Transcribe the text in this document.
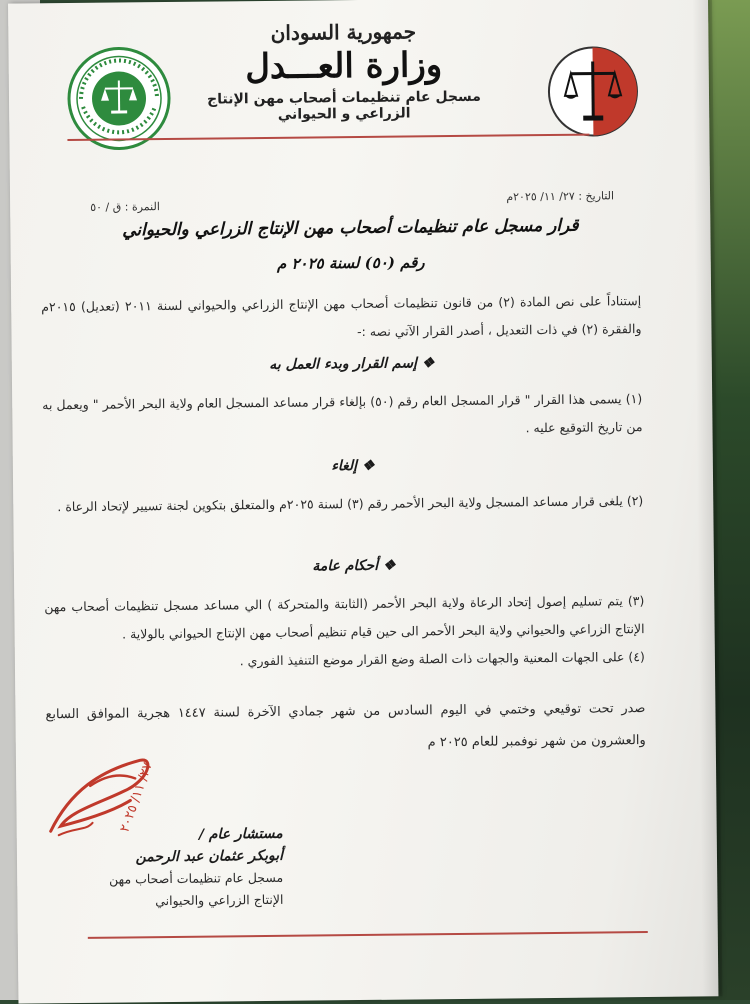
جمهورية السودان
وزارة العـــدل
مسجل عام تنظيمات أصحاب مهن الإنتاج الزراعي و الحيواني
التاريخ : ٢٧/ ١١/ ٢٠٢٥م
النمرة : ق / ٥٠
قرار مسجل عام تنظيمات أصحاب مهن الإنتاج الزراعي والحيواني
رقم (٥٠) لسنة ٢٠٢٥ م
إستناداً على نص المادة (٢) من قانون تنظيمات أصحاب مهن الإنتاج الزراعي والحيواني لسنة ٢٠١١ (تعديل) ٢٠١٥م والفقرة (٢) في ذات التعديل ، أصدر القرار الآتي نصه :-
❖ إسم القرار وبدء العمل به
(١) يسمى هذا القرار " قرار المسجل العام رقم (٥٠) بإلغاء قرار مساعد المسجل العام ولاية البحر الأحمر " ويعمل به من تاريخ التوقيع عليه .
❖ إلغاء
(٢) يلغى قرار مساعد المسجل ولاية البحر الأحمر رقم (٣) لسنة ٢٠٢٥م والمتعلق بتكوين لجنة تسيير لإتحاد الرعاة .
❖ أحكام عامة
(٣) يتم تسليم إصول إتحاد الرعاة ولاية البحر الأحمر (الثابتة والمتحركة ) الي مساعد مسجل تنظيمات أصحاب مهن الإنتاج الزراعي والحيواني ولاية البحر الأحمر الى حين قيام تنظيم أصحاب مهن الإنتاج الحيواني بالولاية .
(٤) على الجهات المعنية والجهات ذات الصلة وضع القرار موضع التنفيذ الفوري .
صدر تحت توقيعي وختمي في اليوم السادس من شهر جمادي الآخرة لسنة ١٤٤٧ هجرية الموافق السابع والعشرون من شهر نوفمبر للعام ٢٠٢٥ م
٢٧/ ١١/ ٢٠٢٥
مستشار عام /
أبوبكر عثمان عبد الرحمن
مسجل عام تنظيمات أصحاب مهن
الإنتاج الزراعي والحيواني
